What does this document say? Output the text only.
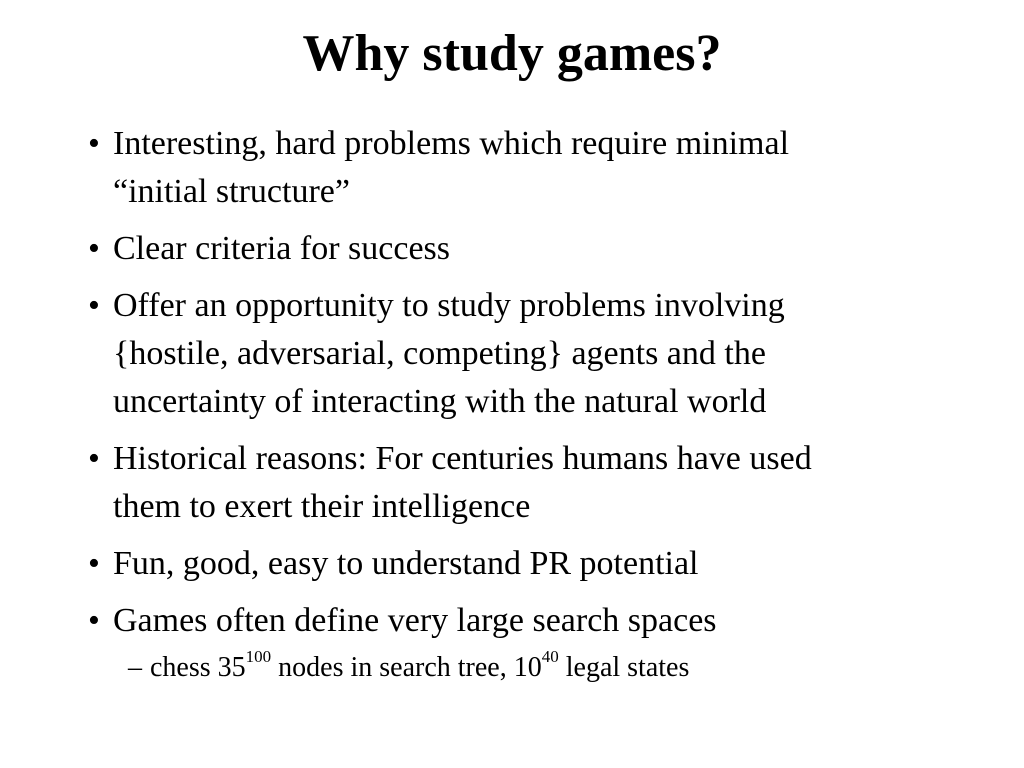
Why study games?
• Interesting, hard problems which require minimal
“initial structure”
• Clear criteria for success
• Offer an opportunity to study problems involving
{hostile, adversarial, competing} agents and the
uncertainty of interacting with the natural world
• Historical reasons: For centuries humans have used
them to exert their intelligence
• Fun, good, easy to understand PR potential
• Games often define very large search spaces
– chess $35^{100}$ nodes in search tree, $10^{40}$ legal states
